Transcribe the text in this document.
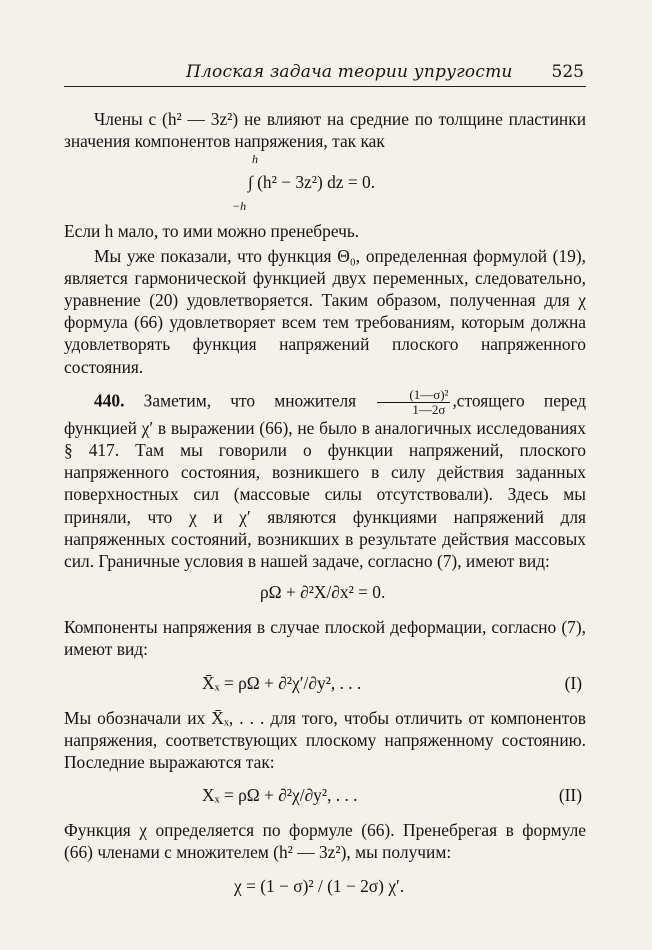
Плоская задача теории упругости 525

Члены с (h² — 3z²) не влияют на средние по толщине пластинки значения компонентов напряжения, так как

h
∫ (h² − 3z²) dz = 0.
−h

Если h мало, то ими можно пренебречь.

Мы уже показали, что функция Θ₀, определенная формулой (19), является гармонической функцией двух переменных, следовательно, уравнение (20) удовлетворяется. Таким образом, полученная для χ формула (66) удовлетворяет всем тем требованиям, которым должна удовлетворять функция напряжений плоского напряженного состояния.

440. Заметим, что множителя $\frac{\text{(1—σ)²}}{1—2\sigma}$ ,стоящего перед функцией χ′ в выражении (66), не было в аналогичных исследованиях § 417. Там мы говорили о функции напряжений, плоского напряженного состояния, возникшего в силу действия заданных поверхностных сил (массовые силы отсутствовали). Здесь мы приняли, что χ и χ′ являются функциями напряжений для напряженных состояний, возникших в результате действия массовых сил. Граничные условия в нашей задаче, согласно (7), имеют вид:

ρΩ + ∂²X/∂x² = 0.

Компоненты напряжения в случае плоской деформации, согласно (7), имеют вид:

X̄ₓ = ρΩ + ∂²χ′/∂y², . . .	(I)

Мы обозначали их X̄ₓ, . . . для того, чтобы отличить от компонентов напряжения, соответствующих плоскому напряженному состоянию. Последние выражаются так:

Xₓ = ρΩ + ∂²χ/∂y², . . .	(II)

Функция χ определяется по формуле (66). Пренебрегая в формуле (66) членами с множителем (h² — 3z²), мы получим:

χ = (1 − σ)² / (1 − 2σ) χ′.
